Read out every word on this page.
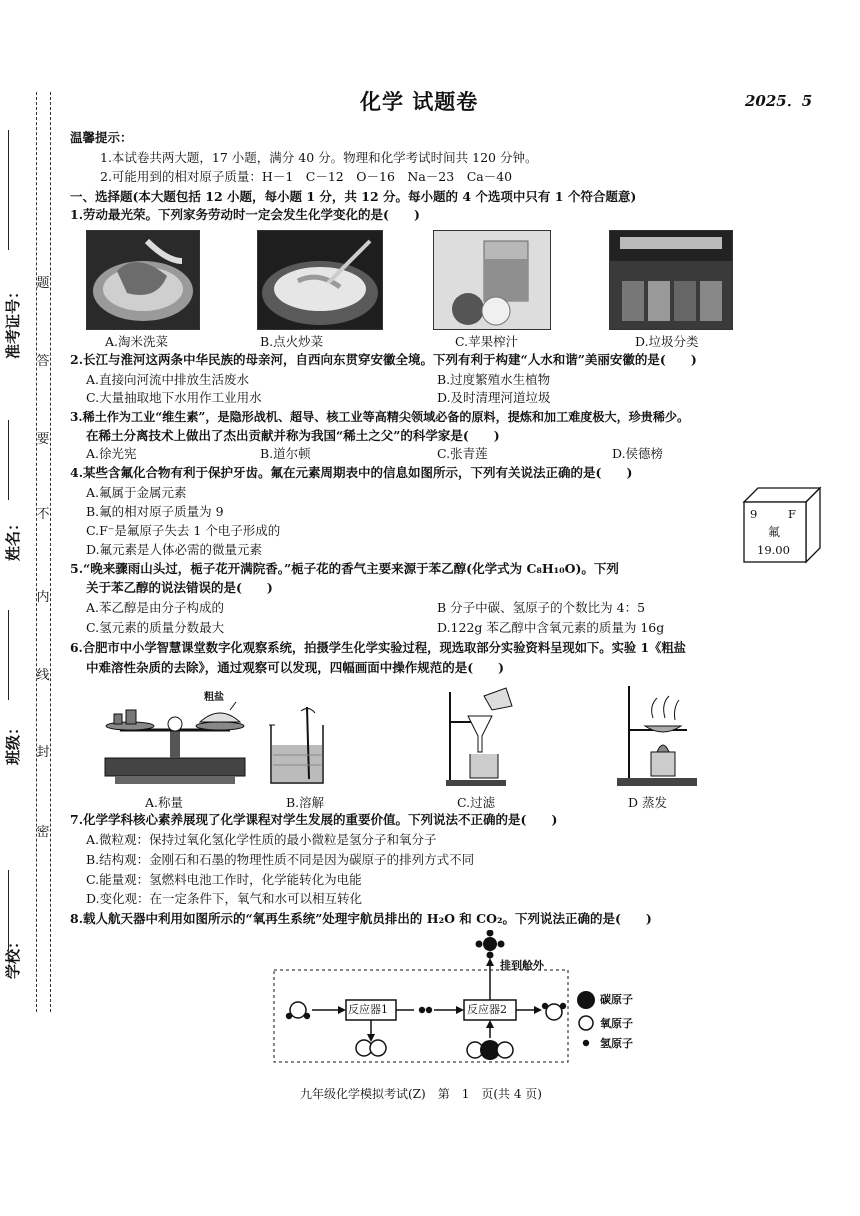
密
封
线
内
不
要
答
题
学校：
班级：
姓名：
准考证号：
化学 试题卷	2025．5
温馨提示：
1.本试卷共两大题，17 小题，满分 40 分。物理和化学考试时间共 120 分钟。
2.可能用到的相对原子质量：H－1　C－12　O－16　Na－23　Ca－40
一、选择题(本大题包括 12 小题，每小题 1 分，共 12 分。每小题的 4 个选项中只有 1 个符合题意)
1.劳动最光荣。下列家务劳动时一定会发生化学变化的是(　　)
A.淘米洗菜	B.点火炒菜	C.苹果榨汁	D.垃圾分类
2.长江与淮河这两条中华民族的母亲河，自西向东贯穿安徽全境。下列有利于构建“人水和谐”美丽安徽的是(　　)
A.直接向河流中排放生活废水	B.过度繁殖水生植物
C.大量抽取地下水用作工业用水	D.及时清理河道垃圾
3.稀土作为工业“维生素”，是隐形战机、超导、核工业等高精尖领域必备的原料，提炼和加工难度极大，珍贵稀少。
在稀土分离技术上做出了杰出贡献并称为我国“稀土之父”的科学家是(　　)
A.徐光宪	B.道尔顿	C.张青莲	D.侯德榜
4.某些含氟化合物有利于保护牙齿。氟在元素周期表中的信息如图所示，下列有关说法正确的是(　　)
A.氟属于金属元素
B.氟的相对原子质量为 9
C.F⁻是氟原子失去 1 个电子形成的
D.氟元素是人体必需的微量元素
9	F
氟
19.00
5.“晚来骤雨山头过，栀子花开满院香。”栀子花的香气主要来源于苯乙醇(化学式为 C₈H₁₀O)。下列
关于苯乙醇的说法错误的是(　　)
A.苯乙醇是由分子构成的	B 分子中碳、氢原子的个数比为 4：5
C.氢元素的质量分数最大	D.122g 苯乙醇中含氧元素的质量为 16g
6.合肥市中小学智慧课堂数字化观察系统，拍摄学生化学实验过程，现选取部分实验资料呈现如下。实验 1《粗盐
中难溶性杂质的去除》，通过观察可以发现，四幅画面中操作规范的是(　　)
粗盐
A.称量	B.溶解	C.过滤	D 蒸发
7.化学学科核心素养展现了化学课程对学生发展的重要价值。下列说法不正确的是(　　)
A.微粒观：保持过氧化氢化学性质的最小微粒是氢分子和氧分子
B.结构观：金刚石和石墨的物理性质不同是因为碳原子的排列方式不同
C.能量观：氢燃料电池工作时，化学能转化为电能
D.变化观：在一定条件下，氧气和水可以相互转化
8.载人航天器中利用如图所示的“氧再生系统”处理宇航员排出的 H₂O 和 CO₂。下列说法正确的是(　　)
反应器1	反应器2
排到舱外
碳原子
氧原子
氢原子
九年级化学模拟考试(Z)　第　1　页(共 4 页)
